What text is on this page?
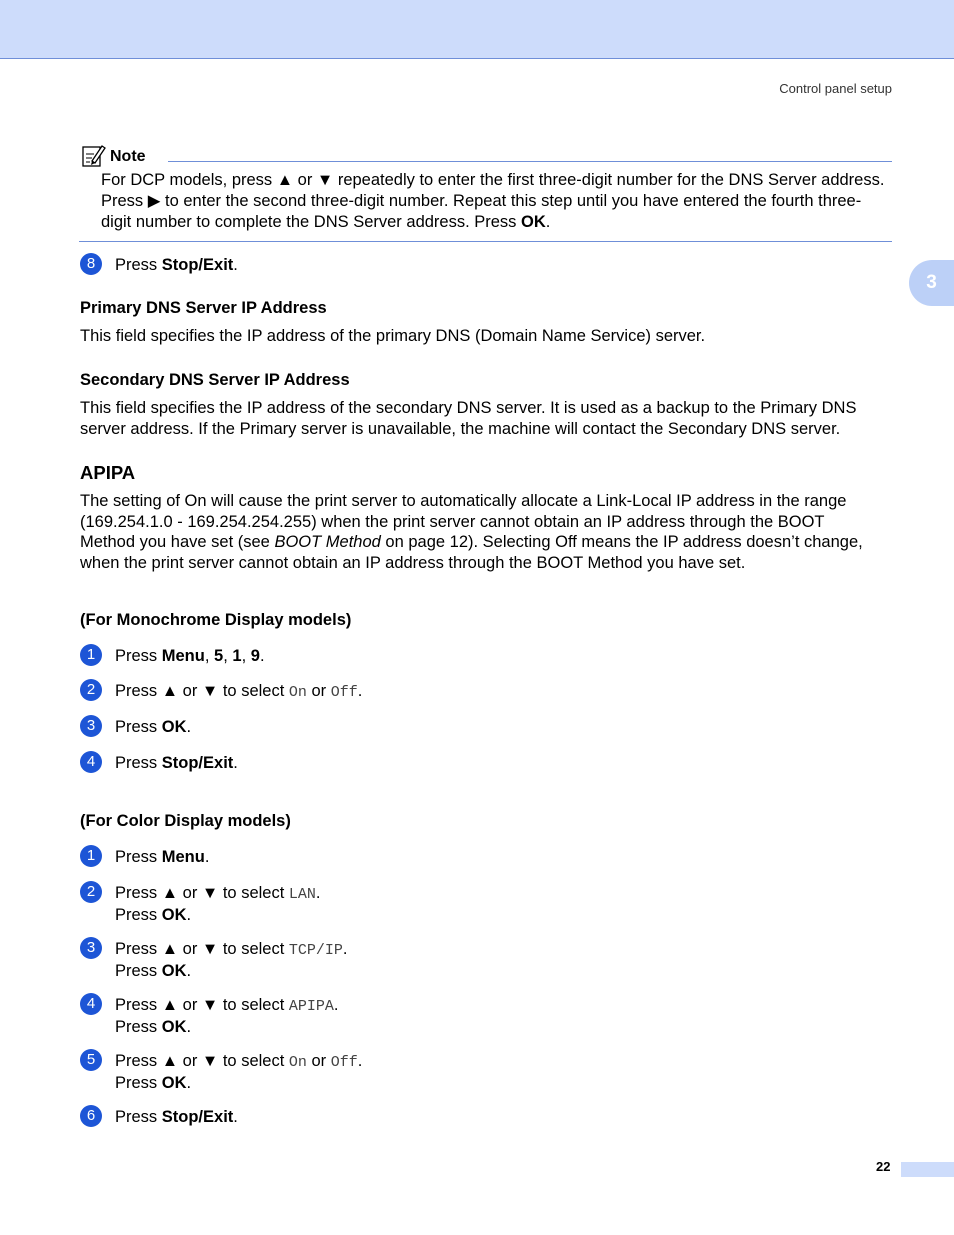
Control panel setup
3
Note
For DCP models, press ▲ or ▼ repeatedly to enter the first three-digit number for the DNS Server address.
Press ▶ to enter the second three-digit number. Repeat this step until you have entered the fourth three-
digit number to complete the DNS Server address. Press OK.
8	Press Stop/Exit.
Primary DNS Server IP Address
This field specifies the IP address of the primary DNS (Domain Name Service) server.
Secondary DNS Server IP Address
This field specifies the IP address of the secondary DNS server. It is used as a backup to the Primary DNS
server address. If the Primary server is unavailable, the machine will contact the Secondary DNS server.
APIPA
The setting of On will cause the print server to automatically allocate a Link-Local IP address in the range
(169.254.1.0 - 169.254.254.255) when the print server cannot obtain an IP address through the BOOT
Method you have set (see BOOT Method on page 12). Selecting Off means the IP address doesn’t change,
when the print server cannot obtain an IP address through the BOOT Method you have set.
(For Monochrome Display models)
1	Press Menu, 5, 1, 9.
2	Press ▲ or ▼ to select On or Off.
3	Press OK.
4	Press Stop/Exit.
(For Color Display models)
1	Press Menu.
2	Press ▲ or ▼ to select LAN.
Press OK.
3	Press ▲ or ▼ to select TCP/IP.
Press OK.
4	Press ▲ or ▼ to select APIPA.
Press OK.
5	Press ▲ or ▼ to select On or Off.
Press OK.
6	Press Stop/Exit.
22
